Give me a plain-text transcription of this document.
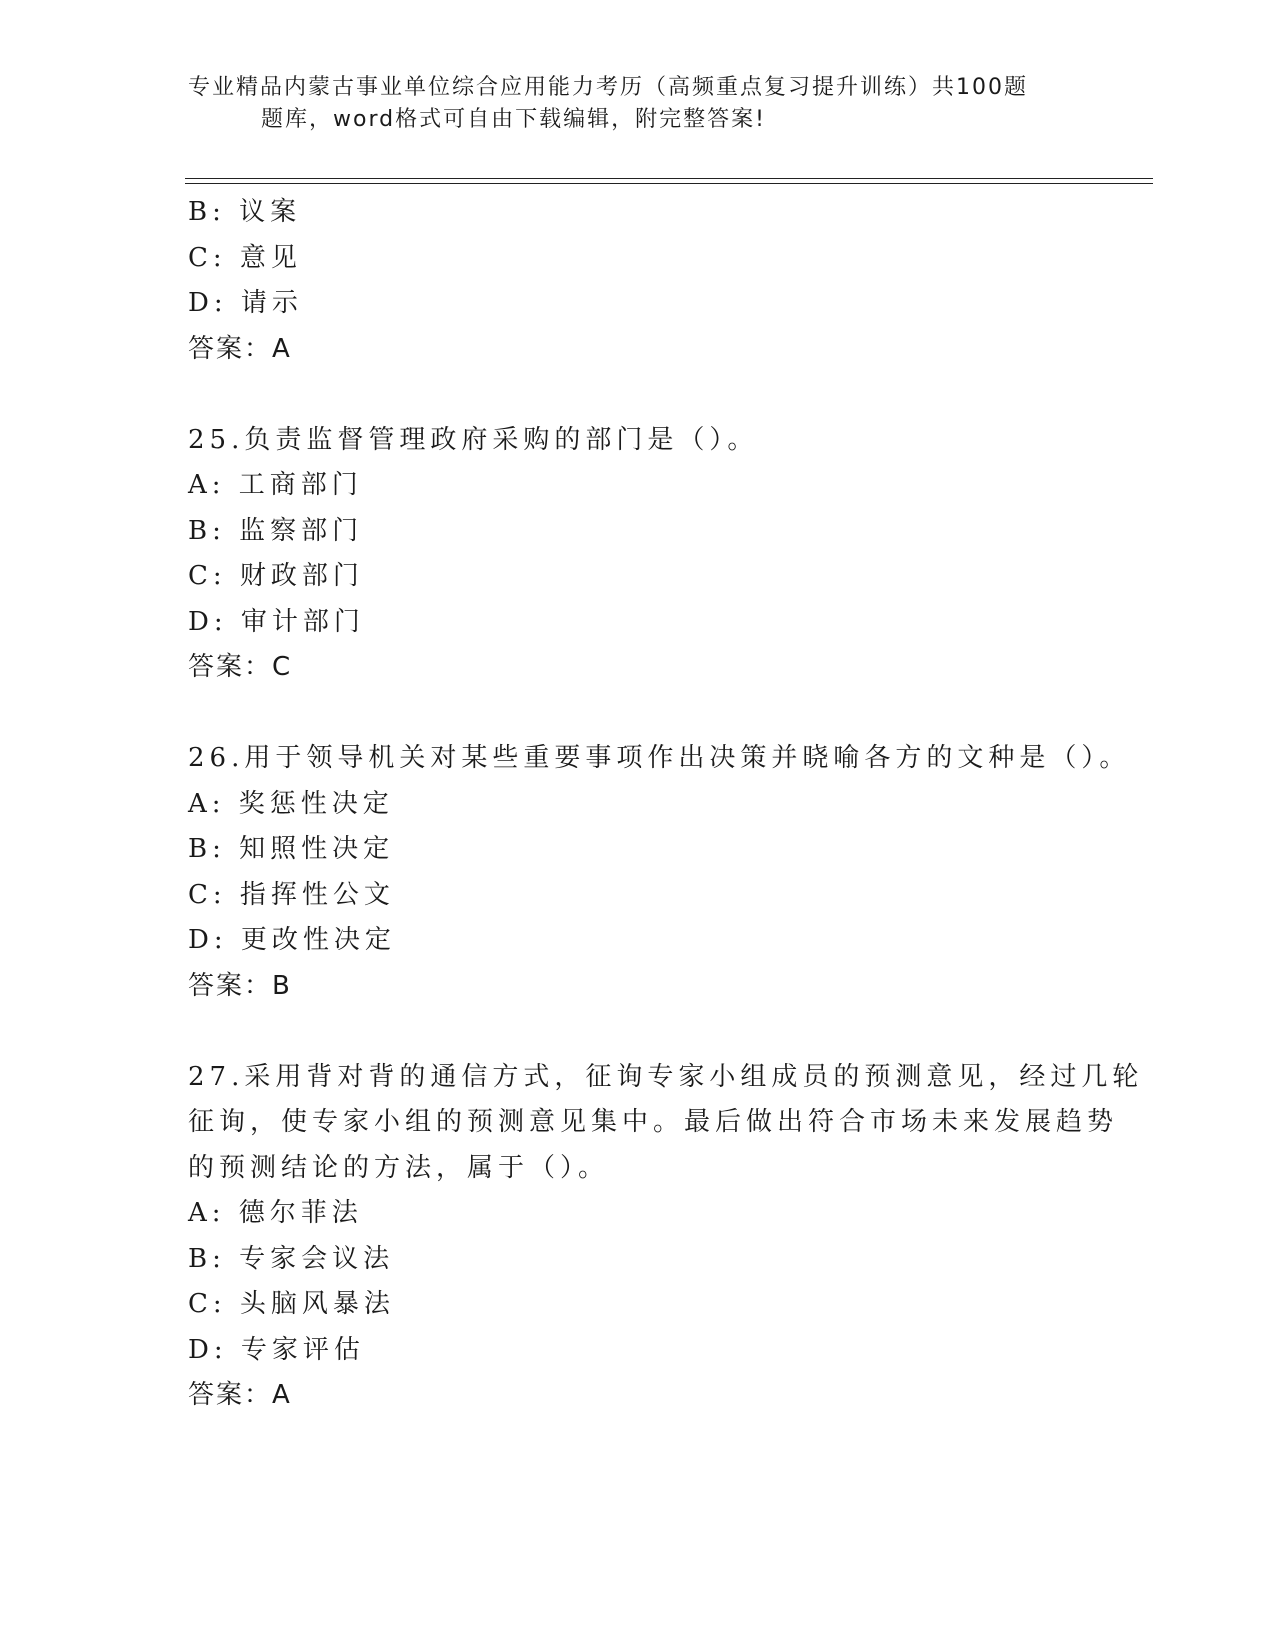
专业精品内蒙古事业单位综合应用能力考历（高频重点复习提升训练）共100题
题库，word格式可自由下载编辑，附完整答案!
B: 议案
C: 意见
D: 请示
答案：A
25.负责监督管理政府采购的部门是（）。
A: 工商部门
B: 监察部门
C: 财政部门
D: 审计部门
答案：C
26.用于领导机关对某些重要事项作出决策并晓喻各方的文种是（）。
A: 奖惩性决定
B: 知照性决定
C: 指挥性公文
D: 更改性决定
答案：B
27.采用背对背的通信方式，征询专家小组成员的预测意见，经过几轮
征询，使专家小组的预测意见集中。最后做出符合市场未来发展趋势
的预测结论的方法，属于（）。
A: 德尔菲法
B: 专家会议法
C: 头脑风暴法
D: 专家评估
答案：A
